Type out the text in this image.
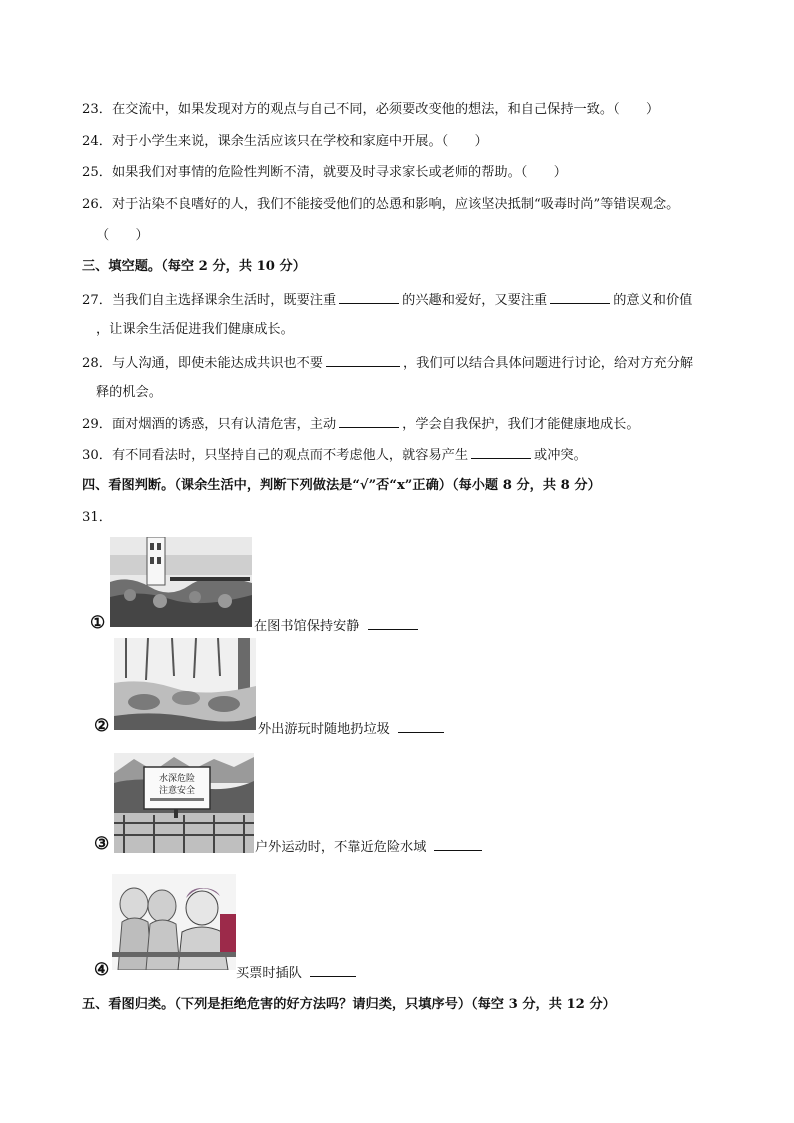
23．在交流中，如果发现对方的观点与自己不同，必须要改变他的想法，和自己保持一致。（　　）
24．对于小学生来说，课余生活应该只在学校和家庭中开展。（　　）
25．如果我们对事情的危险性判断不清，就要及时寻求家长或老师的帮助。（　　）
26．对于沾染不良嗜好的人，我们不能接受他们的怂恿和影响，应该坚决抵制“吸毒时尚”等错误观念。
（　　）
三、填空题。（每空 2 分，共 10 分）
27．当我们自主选择课余生活时，既要注重	的兴趣和爱好，又要注重	的意义和价值
，让课余生活促进我们健康成长。
28．与人沟通，即使未能达成共识也不要	，我们可以结合具体问题进行讨论，给对方充分解
释的机会。
29．面对烟酒的诱惑，只有认清危害，主动	，学会自我保护，我们才能健康地成长。
30．有不同看法时，只坚持自己的观点而不考虑他人，就容易产生	或冲突。
四、看图判断。（课余生活中，判断下列做法是“√”否“x”正确）（每小题 8 分，共 8 分）
31．
①	在图书馆保持安静
②	外出游玩时随地扔垃圾
水深危险
注意安全
③	户外运动时，不靠近危险水域
④	买票时插队
五、看图归类。（下列是拒绝危害的好方法吗？请归类，只填序号）（每空 3 分，共 12 分）
